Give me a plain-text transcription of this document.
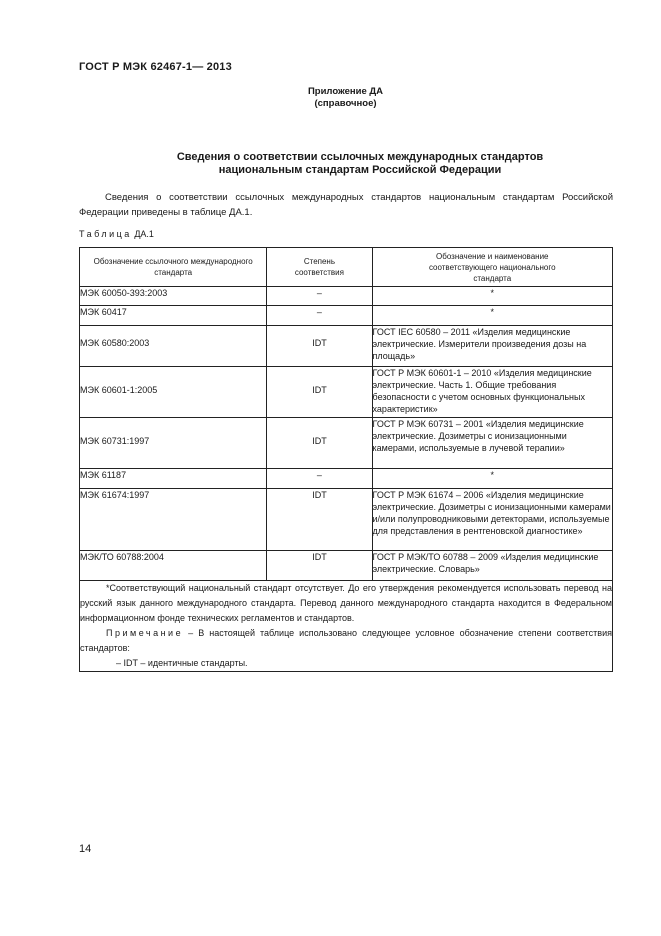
ГОСТ Р МЭК 62467-1— 2013
Приложение ДА
(справочное)
Сведения о соответствии ссылочных международных стандартов
национальным стандартам Российской Федерации

Сведения о соответствии ссылочных международных стандартов национальным стандартам Российской Федерации приведены в таблице ДА.1.

Таблица ДА.1
Обозначение ссылочного международного стандарта	Степень соответствия	Обозначение и наименование соответствующего национального стандарта
МЭК 60050-393:2003	–	*
МЭК 60417	–	*
МЭК 60580:2003	IDT	ГОСТ IEC 60580 – 2011 «Изделия медицинские электрические. Измерители произведения дозы на площадь»
МЭК 60601-1:2005	IDT	ГОСТ Р МЭК 60601-1 – 2010 «Изделия медицинские электрические. Часть 1. Общие требования безопасности с учетом основных функциональных характеристик»
МЭК 60731:1997	IDT	ГОСТ Р МЭК 60731 – 2001 «Изделия медицинские электрические. Дозиметры с ионизационными камерами, используемые в лучевой терапии»
МЭК 61187	–	*
МЭК 61674:1997	IDT	ГОСТ Р МЭК 61674 – 2006 «Изделия медицинские электрические. Дозиметры с ионизационными камерами и/или полупроводниковыми детекторами, используемые для представления в рентгеновской диагностике»
МЭК/ТО 60788:2004	IDT	ГОСТ Р МЭК/ТО 60788 – 2009 «Изделия медицинские электрические. Словарь»

*Соответствующий национальный стандарт отсутствует. До его утверждения рекомендуется использовать перевод на русский язык данного международного стандарта. Перевод данного международного стандарта находится в Федеральном информационном фонде технических регламентов и стандартов.

Примечание – В настоящей таблице использовано следующее условное обозначение степени соответствия стандартов:

– IDT – идентичные стандарты.		

14
